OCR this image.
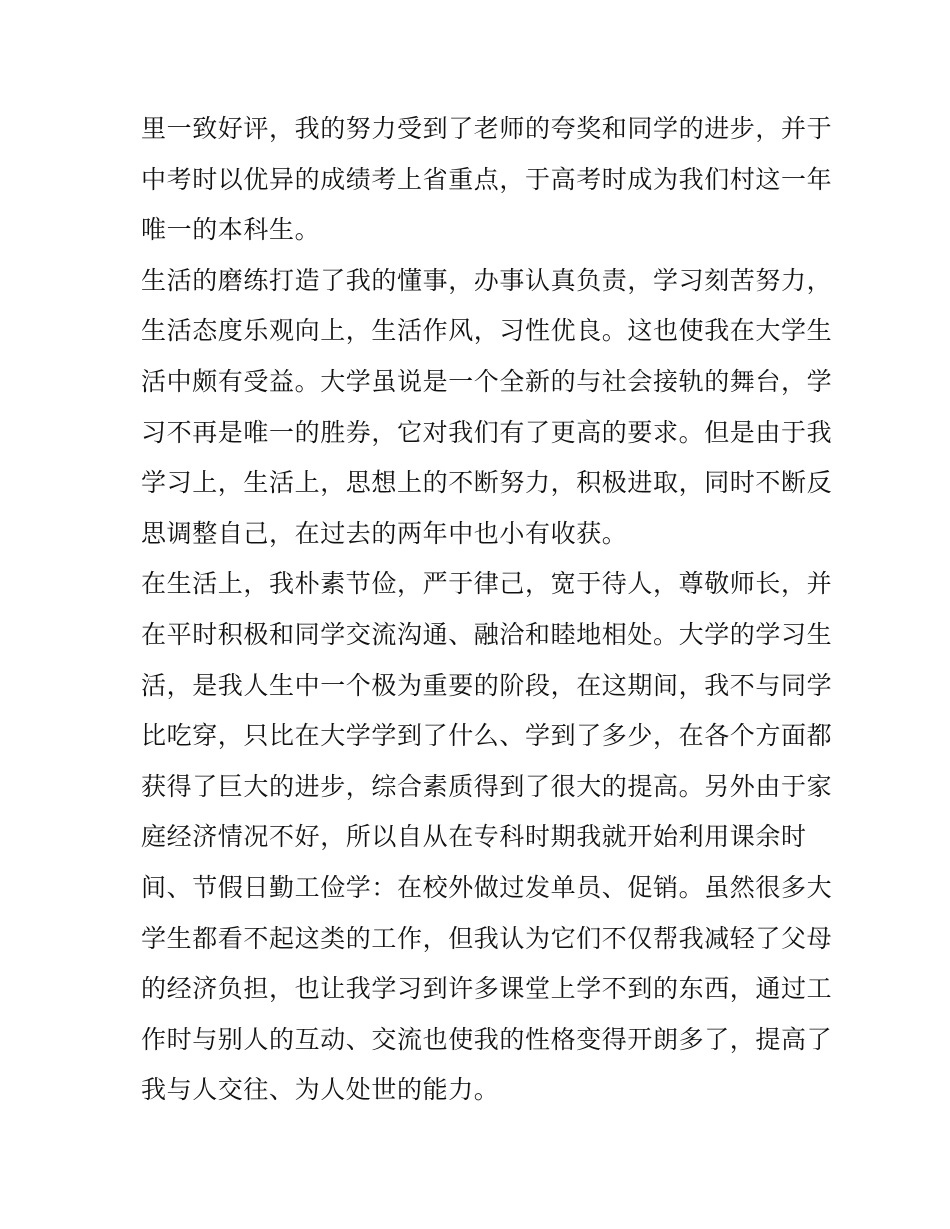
里一致好评，我的努力受到了老师的夸奖和同学的进步，并于
中考时以优异的成绩考上省重点，于高考时成为我们村这一年
唯一的本科生。
生活的磨练打造了我的懂事，办事认真负责，学习刻苦努力，
生活态度乐观向上，生活作风，习性优良。这也使我在大学生
活中颇有受益。大学虽说是一个全新的与社会接轨的舞台，学
习不再是唯一的胜券，它对我们有了更高的要求。但是由于我
学习上，生活上，思想上的不断努力，积极进取，同时不断反
思调整自己，在过去的两年中也小有收获。
在生活上，我朴素节俭，严于律己，宽于待人，尊敬师长，并
在平时积极和同学交流沟通、融洽和睦地相处。大学的学习生
活，是我人生中一个极为重要的阶段，在这期间，我不与同学
比吃穿，只比在大学学到了什么、学到了多少，在各个方面都
获得了巨大的进步，综合素质得到了很大的提高。另外由于家
庭经济情况不好，所以自从在专科时期我就开始利用课余时
间、节假日勤工俭学：在校外做过发单员、促销。虽然很多大
学生都看不起这类的工作，但我认为它们不仅帮我减轻了父母
的经济负担，也让我学习到许多课堂上学不到的东西，通过工
作时与别人的互动、交流也使我的性格变得开朗多了，提高了
我与人交往、为人处世的能力。
